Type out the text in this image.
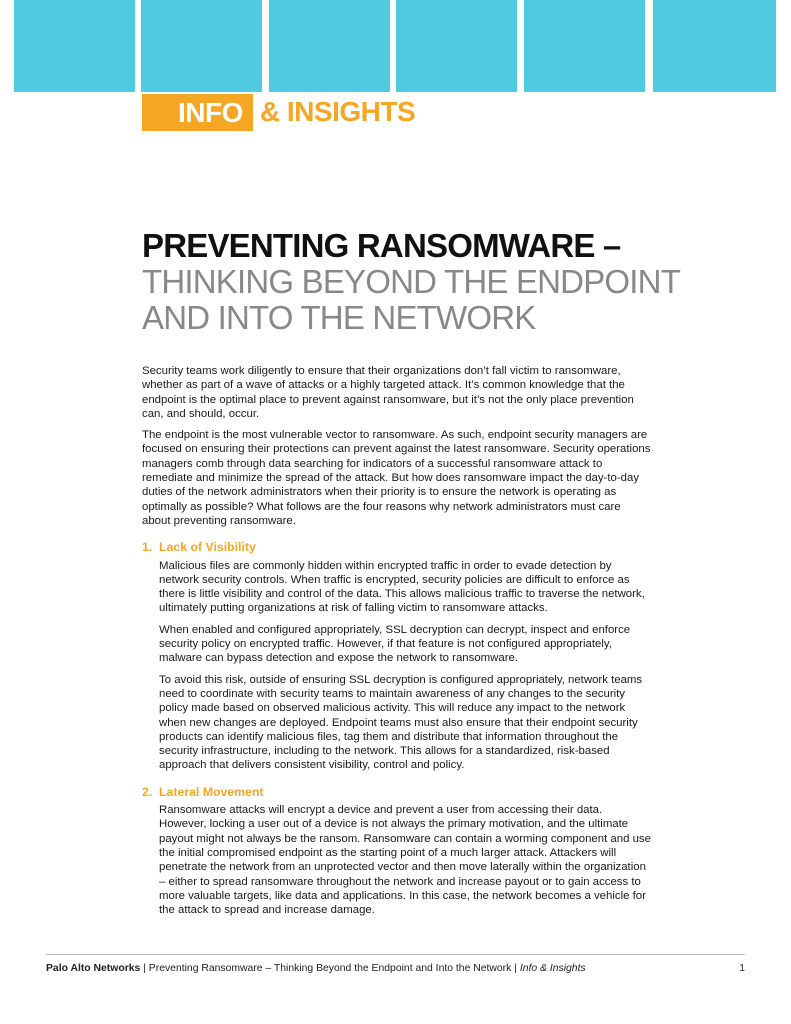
INFO & INSIGHTS
PREVENTING RANSOMWARE –
THINKING BEYOND THE ENDPOINT
AND INTO THE NETWORK

Security teams work diligently to ensure that their organizations don’t fall victim to ransomware, whether as part of a wave of attacks or a highly targeted attack. It’s common knowledge that the endpoint is the optimal place to prevent against ransomware, but it’s not the only place prevention can, and should, occur.

The endpoint is the most vulnerable vector to ransomware. As such, endpoint security managers are focused on ensuring their protections can prevent against the latest ransomware. Security operations managers comb through data searching for indicators of a successful ransomware attack to remediate and minimize the spread of the attack. But how does ransomware impact the day-to-day duties of the network administrators when their priority is to ensure the network is operating as optimally as possible? What follows are the four reasons why network administrators must care about preventing ransomware.

1. Lack of Visibility

Malicious files are commonly hidden within encrypted traffic in order to evade detection by network security controls. When traffic is encrypted, security policies are difficult to enforce as there is little visibility and control of the data. This allows malicious traffic to traverse the network, ultimately putting organizations at risk of falling victim to ransomware attacks.

When enabled and configured appropriately, SSL decryption can decrypt, inspect and enforce security policy on encrypted traffic. However, if that feature is not configured appropriately, malware can bypass detection and expose the network to ransomware.

To avoid this risk, outside of ensuring SSL decryption is configured appropriately, network teams need to coordinate with security teams to maintain awareness of any changes to the security policy made based on observed malicious activity. This will reduce any impact to the network when new changes are deployed. Endpoint teams must also ensure that their endpoint security products can identify malicious files, tag them and distribute that information throughout the security infrastructure, including to the network. This allows for a standardized, risk-based approach that delivers consistent visibility, control and policy.

2. Lateral Movement

Ransomware attacks will encrypt a device and prevent a user from accessing their data. However, locking a user out of a device is not always the primary motivation, and the ultimate payout might not always be the ransom. Ransomware can contain a worming component and use the initial compromised endpoint as the starting point of a much larger attack. Attackers will penetrate the network from an unprotected vector and then move laterally within the organization – either to spread ransomware throughout the network and increase payout or to gain access to more valuable targets, like data and applications. In this case, the network becomes a vehicle for the attack to spread and increase damage.

Palo Alto Networks | Preventing Ransomware – Thinking Beyond the Endpoint and Into the Network | Info & Insights	1
